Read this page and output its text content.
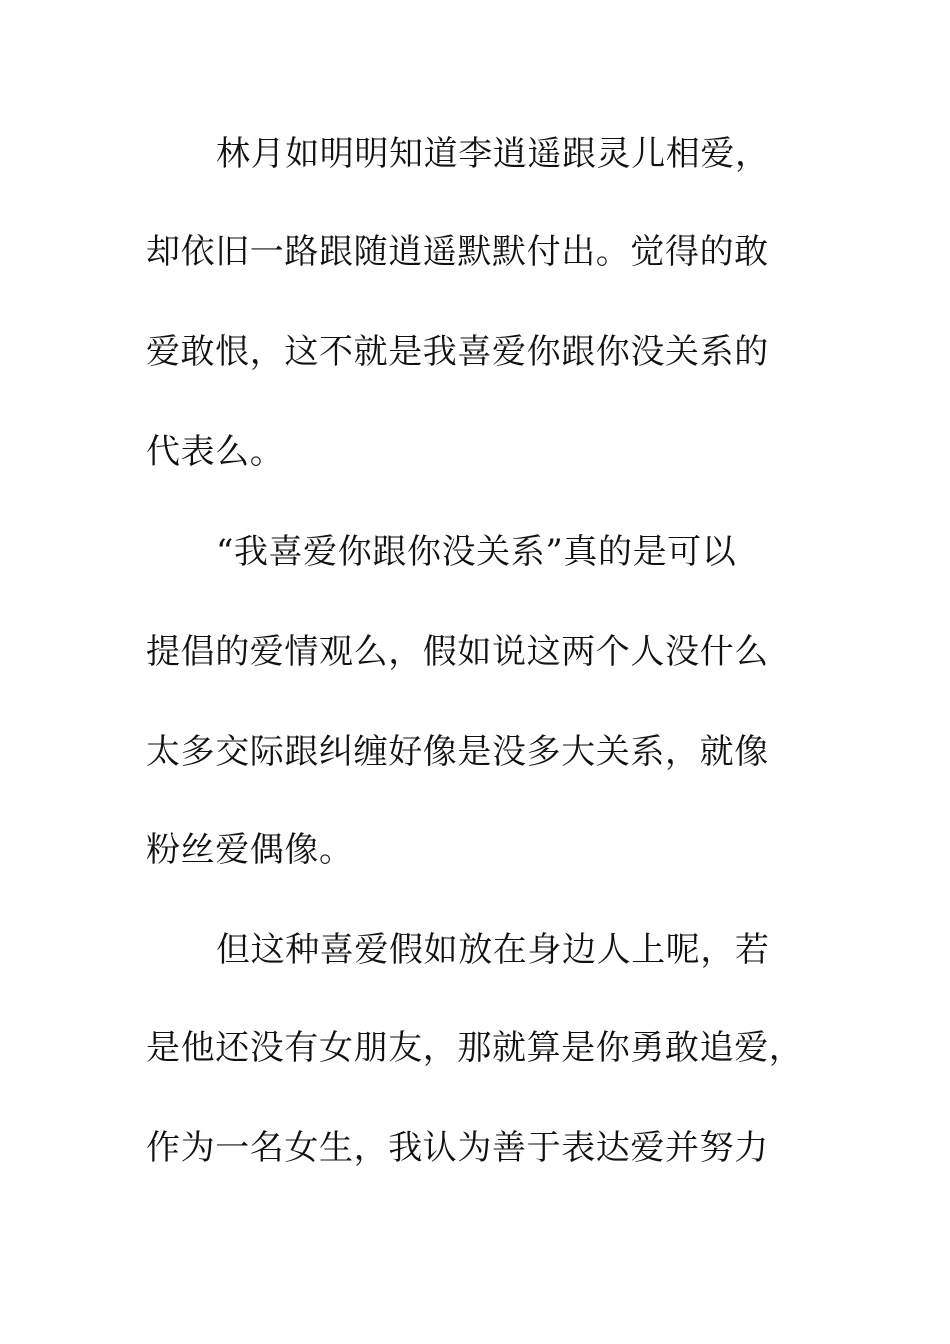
林月如明明知道李逍遥跟灵儿相爱，
却依旧一路跟随逍遥默默付出。觉得的敢
爱敢恨，这不就是我喜爱你跟你没关系的
代表么。
“我喜爱你跟你没关系”真的是可以
提倡的爱情观么，假如说这两个人没什么
太多交际跟纠缠好像是没多大关系，就像
粉丝爱偶像。
但这种喜爱假如放在身边人上呢，若
是他还没有女朋友，那就算是你勇敢追爱，
作为一名女生，我认为善于表达爱并努力
